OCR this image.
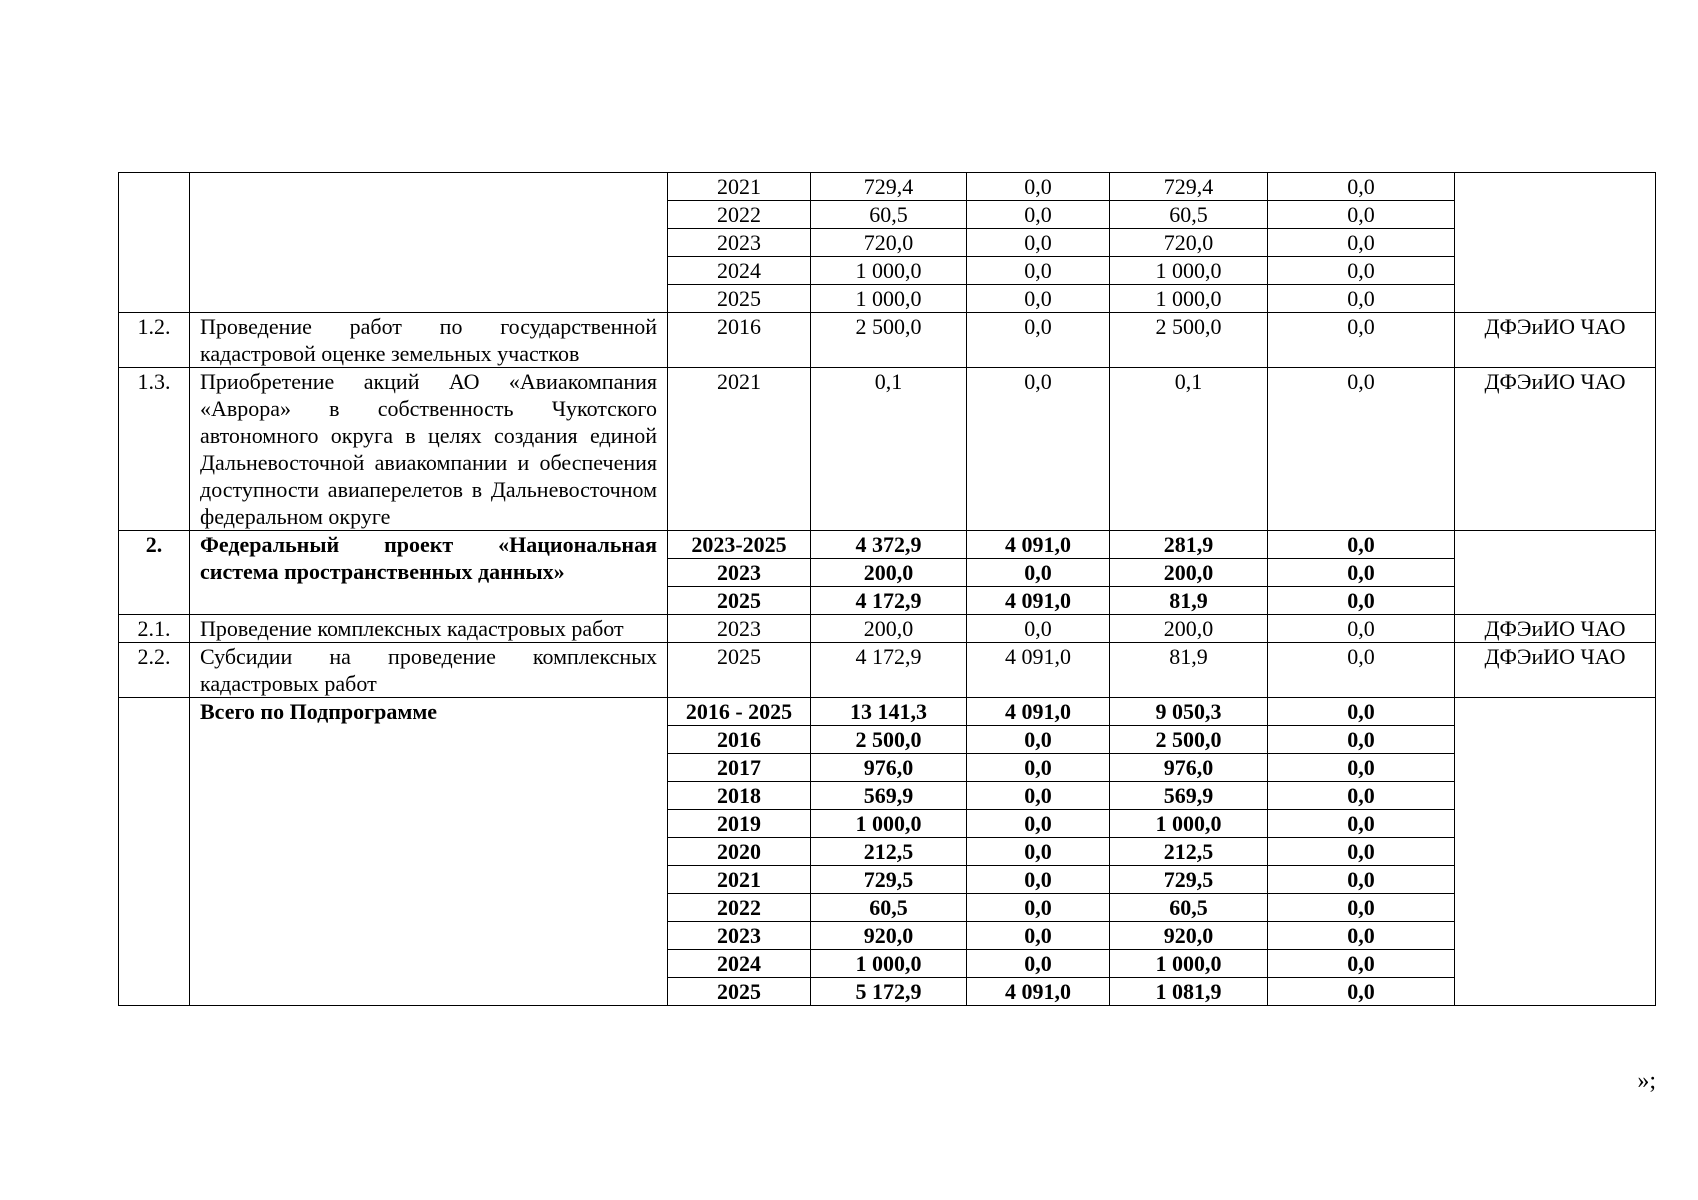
		2021	729,4	0,0	729,4	0,0	
		2022	60,5	0,0	60,5	0,0	
		2023	720,0	0,0	720,0	0,0	
		2024	1 000,0	0,0	1 000,0	0,0	
		2025	1 000,0	0,0	1 000,0	0,0	
1.2.	Проведение работ по государственной кадастровой оценке земельных участков	2016	2 500,0	0,0	2 500,0	0,0	ДФЭиИО ЧАО
1.3.	Приобретение акций АО «Авиакомпания «Аврора» в собственность Чукотского автономного округа в целях создания единой Дальневосточной авиакомпании и обеспечения доступности авиаперелетов в Дальневосточном федеральном округе	2021	0,1	0,0	0,1	0,0	ДФЭиИО ЧАО
2.	Федеральный проект «Национальная система пространственных данных»	2023-2025	4 372,9	4 091,0	281,9	0,0	
		2023	200,0	0,0	200,0	0,0	
		2025	4 172,9	4 091,0	81,9	0,0	
2.1.	Проведение комплексных кадастровых работ	2023	200,0	0,0	200,0	0,0	ДФЭиИО ЧАО
2.2.	Субсидии на проведение комплексных кадастровых работ	2025	4 172,9	4 091,0	81,9	0,0	ДФЭиИО ЧАО
	Всего по Подпрограмме	2016 - 2025	13 141,3	4 091,0	9 050,3	0,0	
		2016	2 500,0	0,0	2 500,0	0,0	
		2017	976,0	0,0	976,0	0,0	
		2018	569,9	0,0	569,9	0,0	
		2019	1 000,0	0,0	1 000,0	0,0	
		2020	212,5	0,0	212,5	0,0	
		2021	729,5	0,0	729,5	0,0	
		2022	60,5	0,0	60,5	0,0	
		2023	920,0	0,0	920,0	0,0	
		2024	1 000,0	0,0	1 000,0	0,0	
		2025	5 172,9	4 091,0	1 081,9	0,0	
»;
